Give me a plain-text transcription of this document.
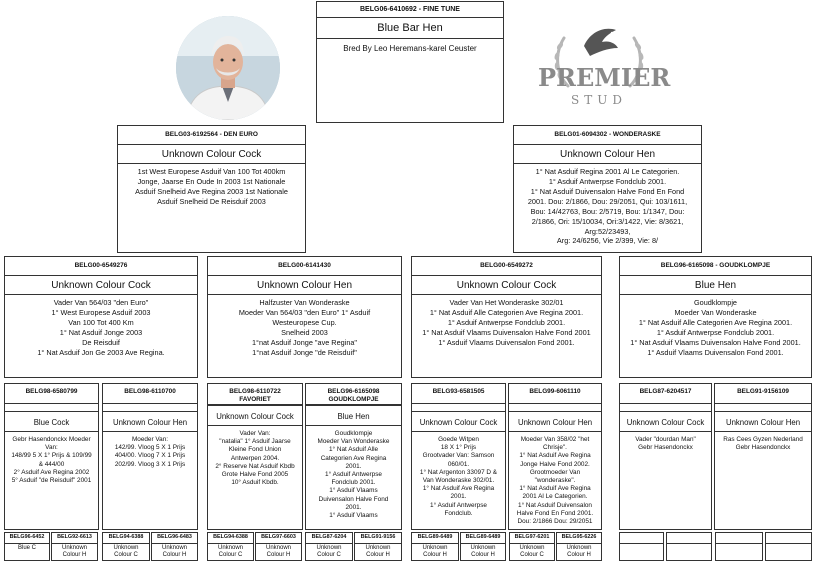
BELG06-6410692 - FINE TUNE
Blue Bar Hen
Bred By Leo Heremans-karel Ceuster
PREMIER
STUD
BELG03-6192564 - DEN EURO
Unknown Colour Cock
1st West Europese Asduif Van 100 Tot 400km
Jonge, Jaarse En Oude In 2003 1st Nationale
Asduif Snelheid Ave Regina 2003 1st Nationale
Asduif Snelheid De Reisduif 2003
BELG01-6094302 - WONDERASKE
Unknown Colour Hen
1° Nat Asduif Regina 2001 Al Le Categorien.
1° Asduif Antwerpse Fondclub 2001.
1° Nat Asduif Duivensalon Halve Fond En Fond
2001. Dou: 2/1866, Dou: 29/2051, Qui: 103/1611,
Bou: 14/42763, Bou: 2/5719, Bou: 1/1347, Dou:
2/1866, Ori: 15/10034, Ori:3/1422, Vie: 8/3621,
Arg:52/23493,
Arg: 24/6256, Vie 2/399, Vie: 8/
BELG00-6549276
Unknown Colour Cock
Vader Van 564/03 "den Euro"
1° West Europese Asduif 2003
Van 100 Tot 400 Km
1° Nat Asduif Jonge 2003
De Reisduif
1° Nat Asduif Jon Ge 2003 Ave Regina.
BELG00-6141430
Unknown Colour Hen
Halfzuster Van Wonderaske
Moeder Van 564/03 "den Euro" 1° Asduif
Westeuropese Cup.
Snelheid 2003
1°nat Asduif Jonge "ave Regina"
1°nat Asduif Jonge "de Reisduif"
BELG00-6549272
Unknown Colour Cock
Vader Van Het Wonderaske 302/01
1° Nat Asduif Alle Categorien Ave Regina 2001.
1° Asduif Antwerpse Fondclub 2001.
1° Nat Asduif Vlaams Duivensalon Halve Fond 2001
1° Asduif Vlaams Duivensalon Fond 2001.
BELG96-6165098 - GOUDKLOMPJE
Blue Hen
Goudklompje
Moeder Van Wonderaske
1° Nat Asduif Alle Categorien Ave Regina 2001.
1° Asduif Antwerpse Fondclub 2001.
1° Nat Asduif Vlaams Duivensalon Halve Fond 2001.
1° Asduif Vlaams Duivensalon Fond 2001.
BELG98-6580799
Blue Cock
Gebr Hasendonckx Moeder
Van:
148/99 5 X 1° Prijs & 109/99
& 444/00
2° Asduif Ave Regina 2002
5° Asduif "de Reisduif" 2001
BELG98-6110700
Unknown Colour Hen
Moeder Van:
142/99. Vloog 5 X 1 Prijs
404/00. Vloog 7 X 1 Prijs
202/99. Vloog 3 X 1 Prijs
BELG98-6110722
FAVORIET
Unknown Colour Cock
Vader Van:
"natalia" 1° Asduif Jaarse
Kleine Fond Union
Antwerpen 2004.
2° Reserve Nat Asduif Kbdb
Grote Halve Fond 2005
10° Asduif Kbdb.
BELG96-6165098
GOUDKLOMPJE
Blue Hen
Goudklompje
Moeder Van Wonderaske
1° Nat Asduif Alle
Categorien Ave Regina
2001.
1° Asduif Antwerpse
Fondclub 2001.
1° Asduif Vlaams
Duivensalon Halve Fond
2001.
1° Asduif Vlaams
BELG93-6581505
Unknown Colour Cock
Goede Witpen
18 X 1° Prijs
Grootvader Van: Samson
060/01.
1° Nat Argenton 33097 D &
Van Wonderaske 302/01.
1° Nat Asduif Ave Regina
2001.
1° Asduif Antwerpse
Fondclub.
BELG99-6061110
Unknown Colour Hen
Moeder Van 358/02 "het
Chrisje".
1° Nat Asduif Ave Regina
Jonge Halve Fond 2002.
Grootmoeder Van
"wonderaske".
1° Nat Asduif Ave Regina
2001 Al Le Categorien.
1° Nat Asduif Duivensalon
Halve Fond En Fond 2001.
Dou: 2/1866 Dou: 29/2051
BELG87-6204517
Unknown Colour Cock
Vader "dourdan Man"
Gebr Hasendonckx
BELG91-9156109
Unknown Colour Hen
Ras Cees Gyzen Nederland
Gebr Hasendonckx
BELG96-6452
Blue C
BELG92-6613
Unknown
Colour H
BELG94-6388
Unknown
Colour C
BELG96-6483
Unknown
Colour H
BELG94-6388
Unknown
Colour C
BELG97-6603
Unknown
Colour H
BELG87-6204
Unknown
Colour C
BELG91-9156
Unknown
Colour H
BELG89-6489
Unknown
Colour H
BELG89-6489
Unknown
Colour H
BELG97-6201
Unknown
Colour C
BELG95-6226
Unknown
Colour H
